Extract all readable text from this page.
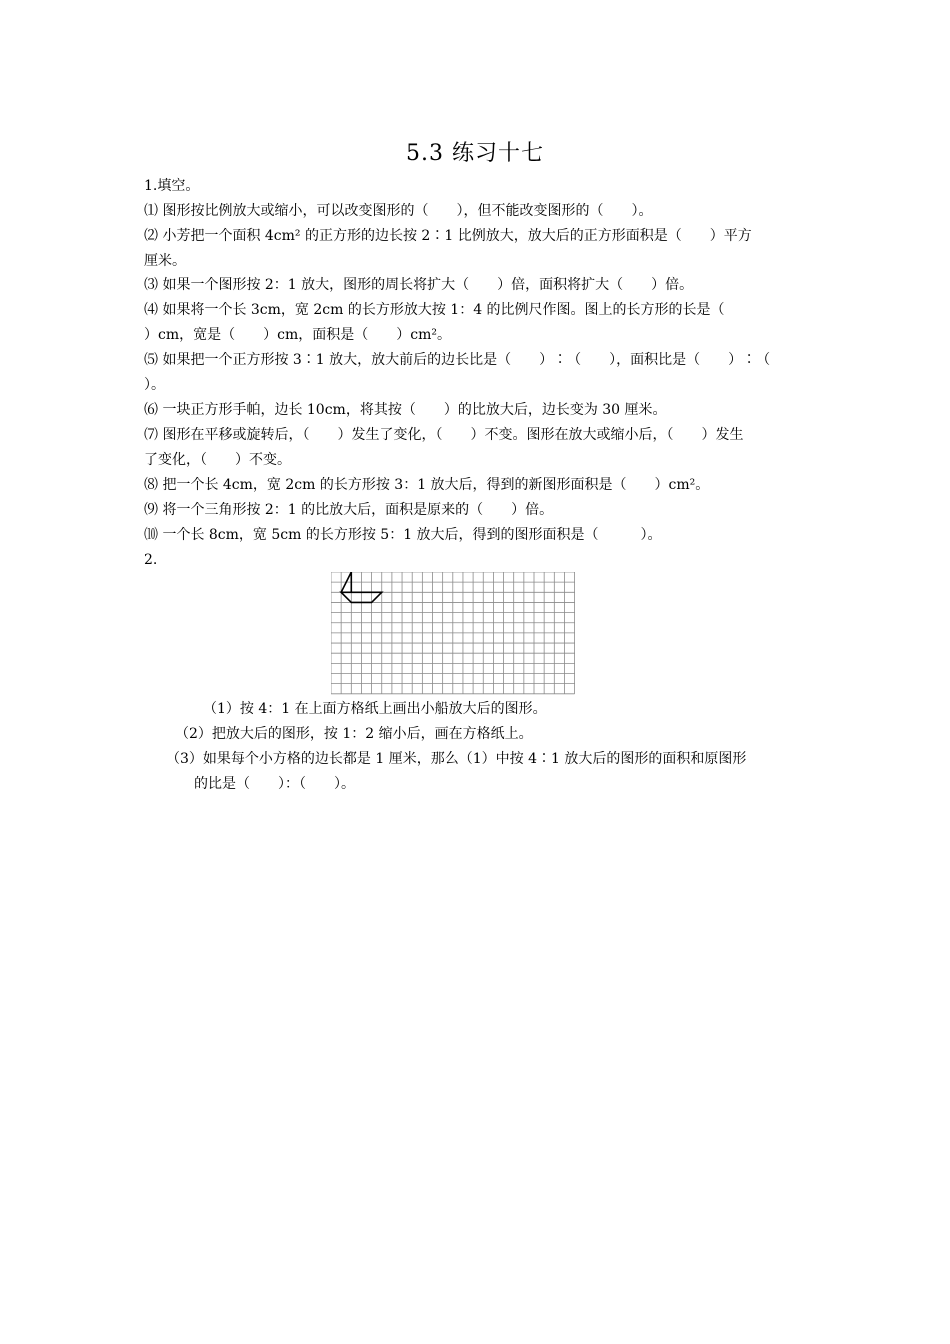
5.3 练习十七
1.填空。
⑴ 图形按比例放大或缩小，可以改变图形的（　　），但不能改变图形的（　　）。
⑵ 小芳把一个面积 4cm² 的正方形的边长按 2∶1 比例放大，放大后的正方形面积是（　　）平方
厘米。
⑶ 如果一个图形按 2：1 放大，图形的周长将扩大（　　）倍，面积将扩大（　　）倍。
⑷ 如果将一个长 3cm，宽 2cm 的长方形放大按 1：4 的比例尺作图。图上的长方形的长是（
）cm，宽是（　　）cm，面积是（　　）cm²。
⑸ 如果把一个正方形按 3∶1 放大，放大前后的边长比是（　　）∶（　　），面积比是（　　）∶（
）。
⑹ 一块正方形手帕，边长 10cm，将其按（　　）的比放大后，边长变为 30 厘米。
⑺ 图形在平移或旋转后，（　　）发生了变化，（　　）不变。图形在放大或缩小后，（　　）发生
了变化，（　　）不变。
⑻ 把一个长 4cm，宽 2cm 的长方形按 3：1 放大后，得到的新图形面积是（　　）cm²。
⑼ 将一个三角形按 2：1 的比放大后，面积是原来的（　　）倍。
⑽ 一个长 8cm，宽 5cm 的长方形按 5：1 放大后，得到的图形面积是（　　　）。
2.
（1）按 4：1 在上面方格纸上画出小船放大后的图形。
（2）把放大后的图形，按 1：2 缩小后，画在方格纸上。
（3）如果每个小方格的边长都是 1 厘米，那么（1）中按 4∶1 放大后的图形的面积和原图形
的比是（　　）：（　　）。
